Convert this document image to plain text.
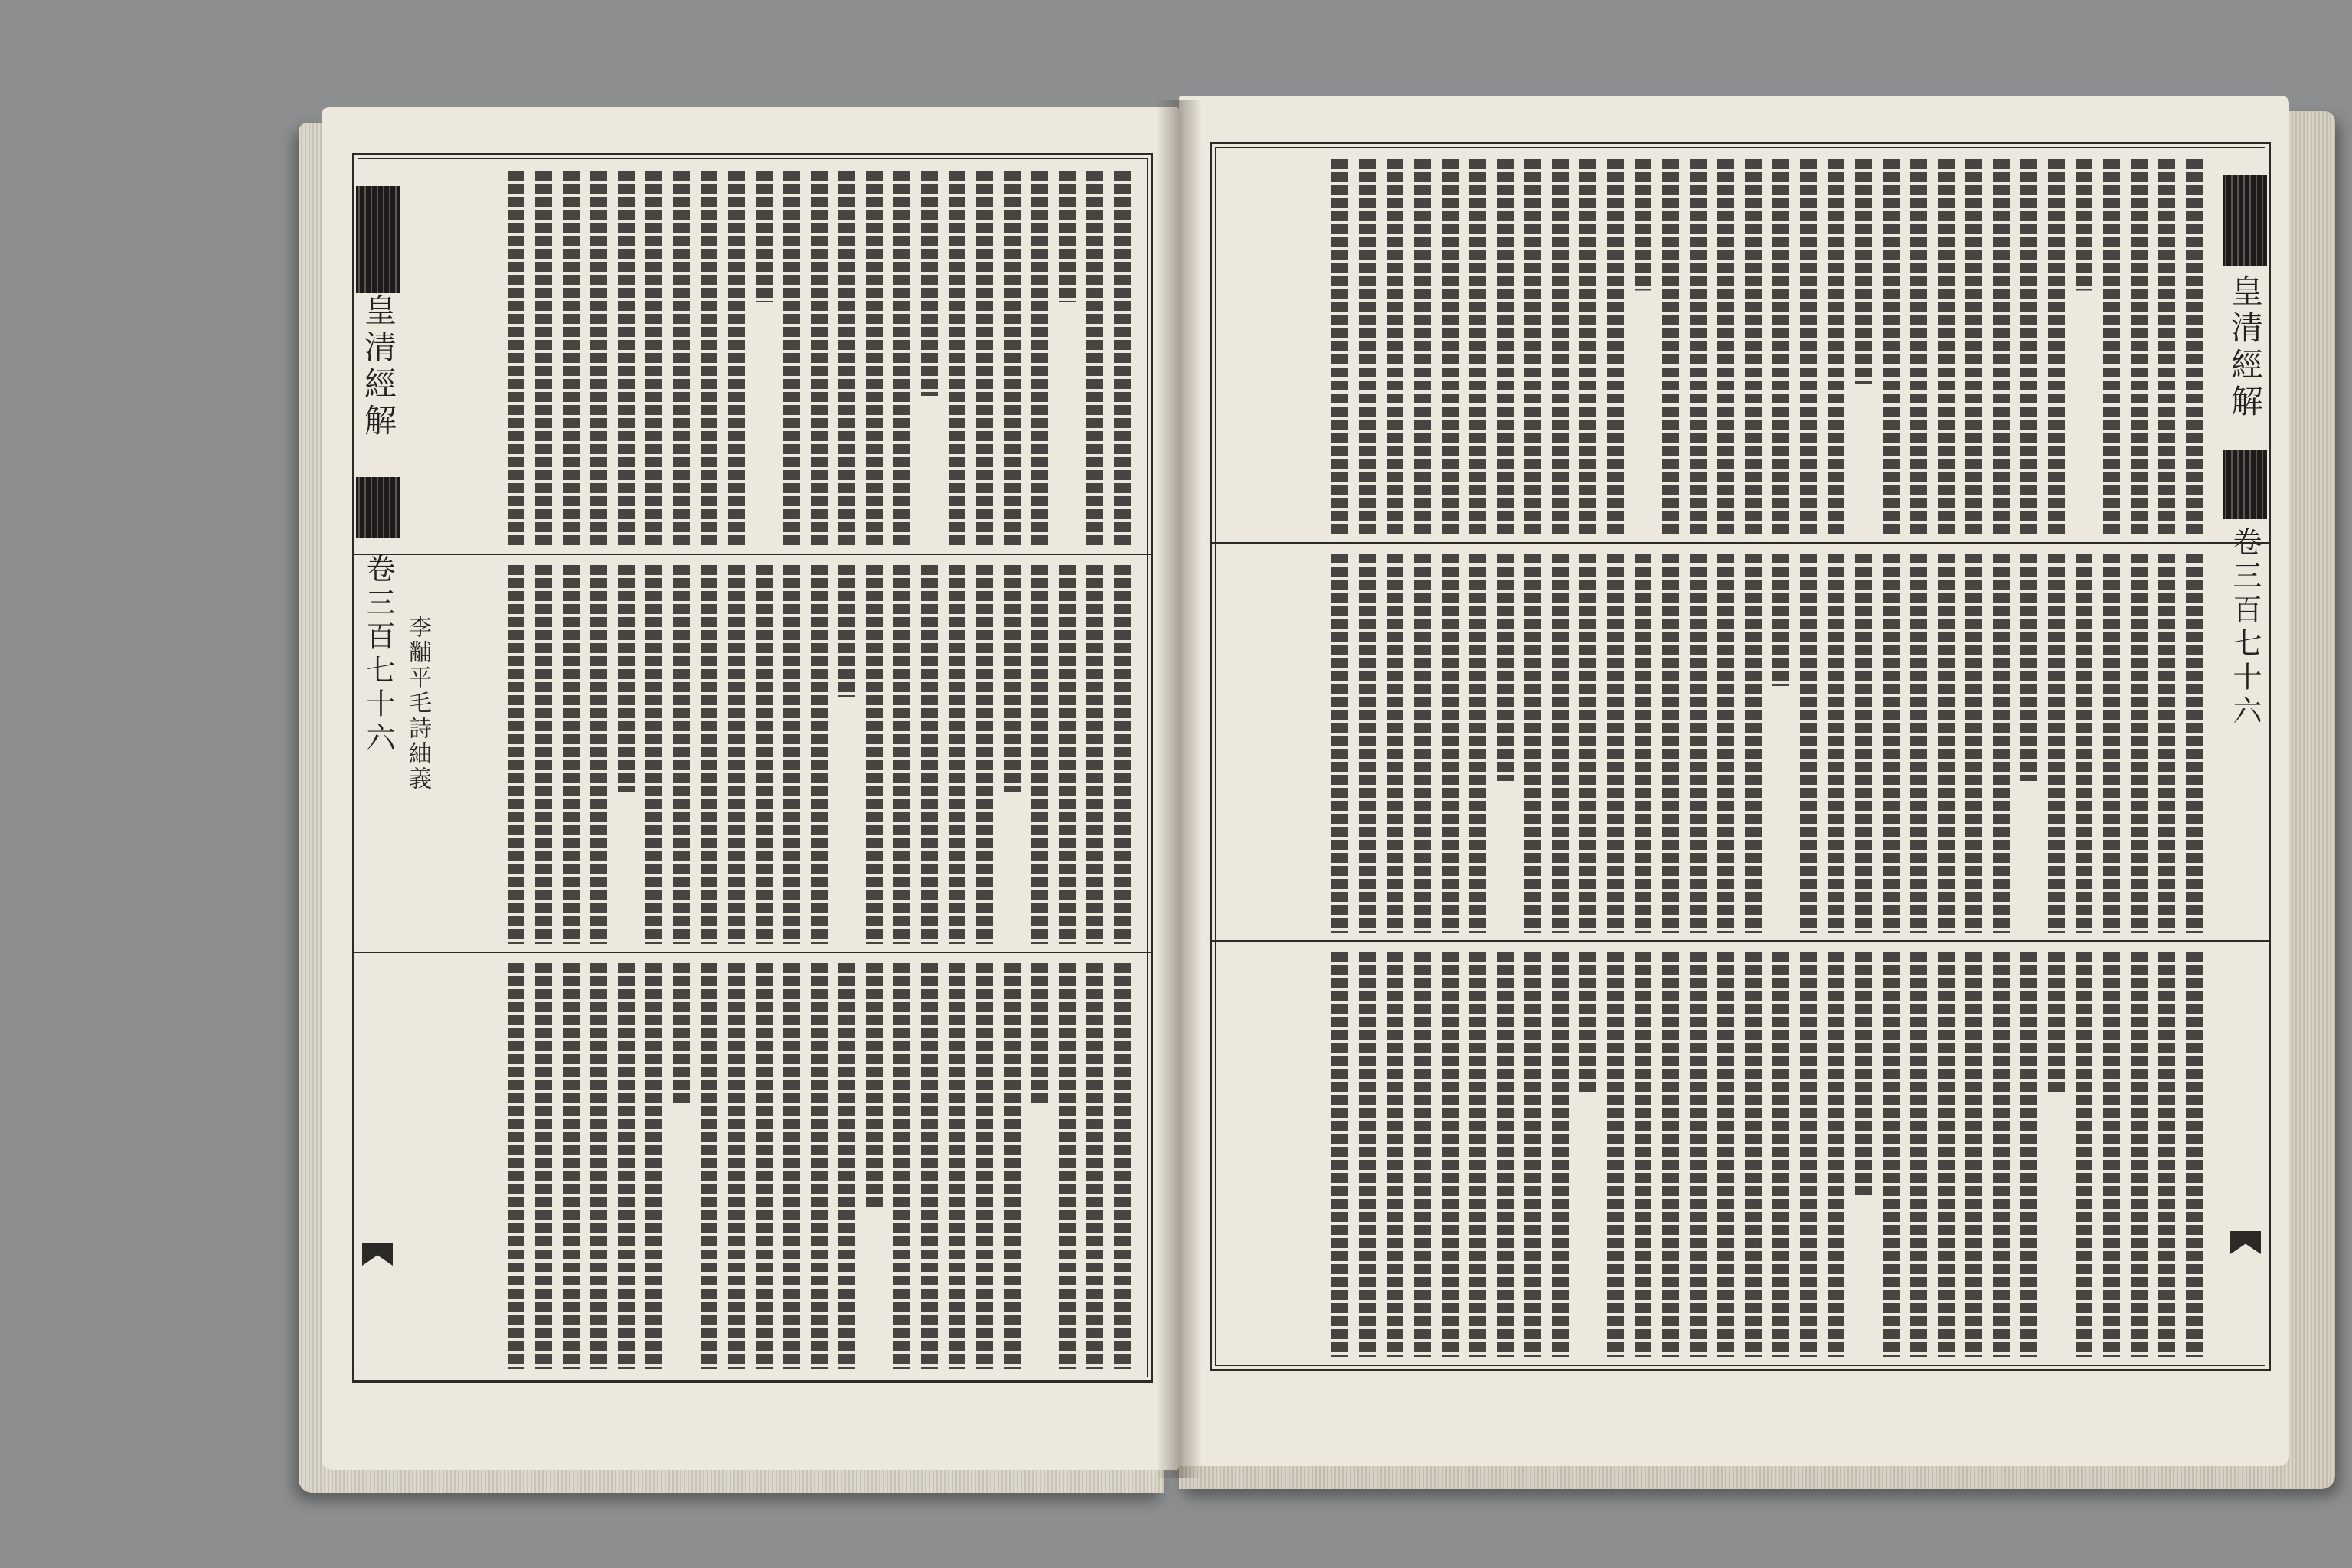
皇清經解
卷三百七十六 李黼平毛詩紬義
皇清經解
卷三百七十六
